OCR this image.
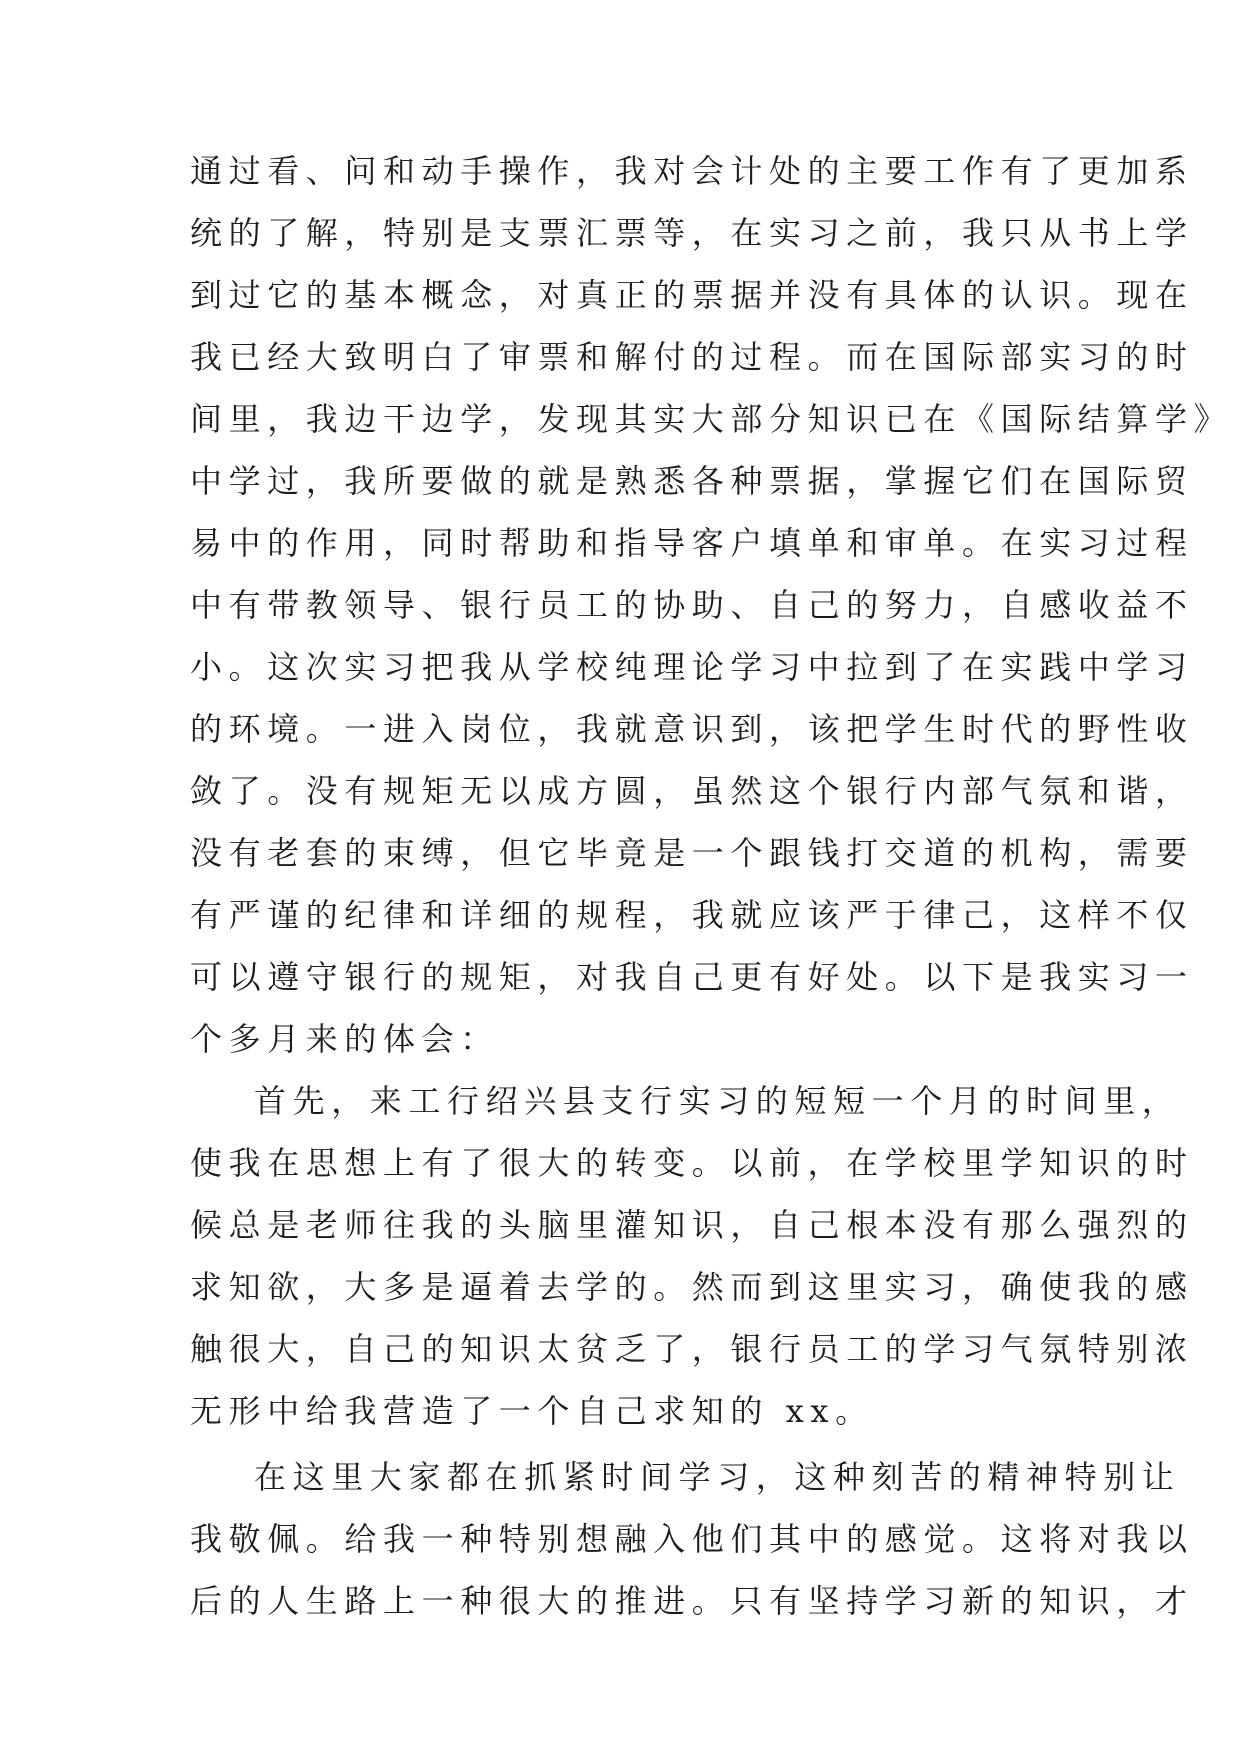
通过看、问和动手操作，我对会计处的主要工作有了更加系
统的了解，特别是支票汇票等，在实习之前，我只从书上学
到过它的基本概念，对真正的票据并没有具体的认识。现在
我已经大致明白了审票和解付的过程。而在国际部实习的时
间里，我边干边学，发现其实大部分知识已在《国际结算学》
中学过，我所要做的就是熟悉各种票据，掌握它们在国际贸
易中的作用，同时帮助和指导客户填单和审单。在实习过程
中有带教领导、银行员工的协助、自己的努力，自感收益不
小。这次实习把我从学校纯理论学习中拉到了在实践中学习
的环境。一进入岗位，我就意识到，该把学生时代的野性收
敛了。没有规矩无以成方圆，虽然这个银行内部气氛和谐，
没有老套的束缚，但它毕竟是一个跟钱打交道的机构，需要
有严谨的纪律和详细的规程，我就应该严于律己，这样不仅
可以遵守银行的规矩，对我自己更有好处。以下是我实习一
个多月来的体会：
首先，来工行绍兴县支行实习的短短一个月的时间里，
使我在思想上有了很大的转变。以前，在学校里学知识的时
候总是老师往我的头脑里灌知识，自己根本没有那么强烈的
求知欲，大多是逼着去学的。然而到这里实习，确使我的感
触很大，自己的知识太贫乏了，银行员工的学习气氛特别浓
无形中给我营造了一个自己求知的 xx。
在这里大家都在抓紧时间学习，这种刻苦的精神特别让
我敬佩。给我一种特别想融入他们其中的感觉。这将对我以
后的人生路上一种很大的推进。只有坚持学习新的知识，才
